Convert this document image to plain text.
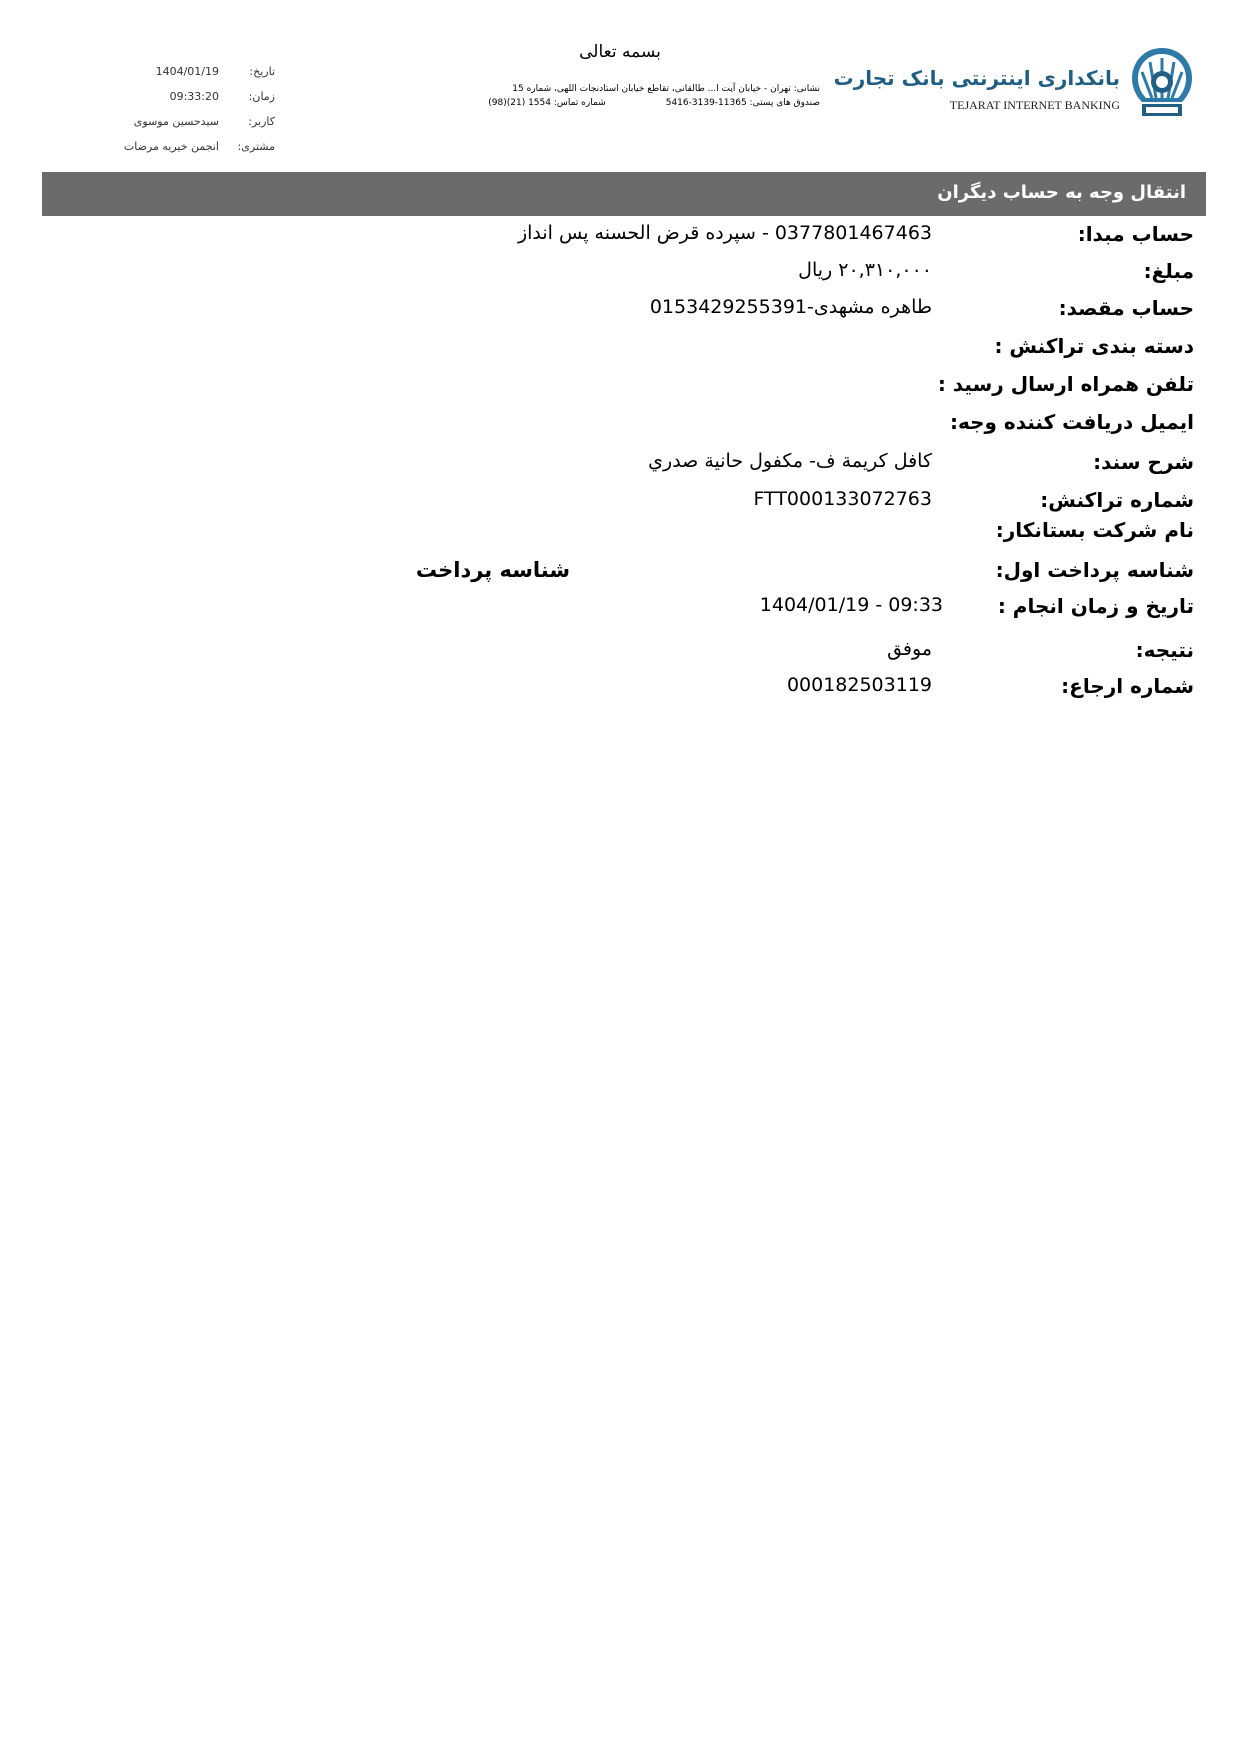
بسمه تعالی
بانکداری اینترنتی بانک تجارت
TEJARAT INTERNET BANKING
نشانی: تهران - خیابان آیت ا... طالقانی، تقاطع خیابان استادنجات اللهی، شماره 15
صندوق های پستی: 11365-3139-5416شماره تماس: 1554 (21)(98)
تاریخ:
1404/01/19
زمان:
09:33:20
کاربر:
سیدحسین موسوی
مشتری:
انجمن خیریه مرضات
انتقال وجه به حساب دیگران
حساب مبدا:
0377801467463 - سپرده قرض الحسنه پس انداز
مبلغ:
۲۰,۳۱۰,۰۰۰ ریال
حساب مقصد:
طاهره مشهدی-0153429255391
دسته بندی تراکنش :
تلفن همراه ارسال رسید :
ایمیل دریافت کننده وجه:
شرح سند:
كافل كريمة ف- مكفول حانية صدري
شماره تراکنش:
FTT000133072763
نام شرکت بستانکار:
شناسه پرداخت اول:
شناسه پرداخت
تاریخ و زمان انجام :
1404/01/19 - 09:33
نتیجه:
موفق
شماره ارجاع:
000182503119
